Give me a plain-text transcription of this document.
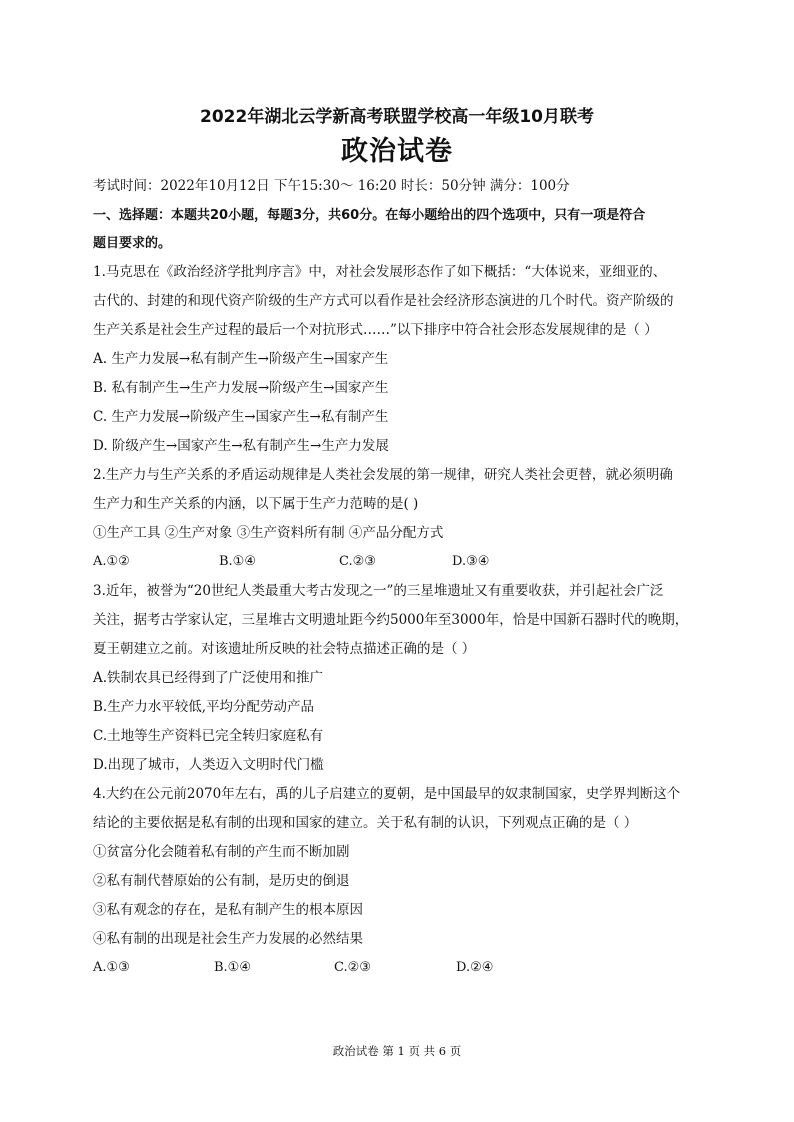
2022年湖北云学新高考联盟学校高一年级10月联考
政治试卷
考试时间：2022年10月12日 下午15:30～ 16:20 时长：50分钟 满分：100分
一、选择题：本题共20小题，每题3分，共60分。在每小题给出的四个选项中，只有一项是符合
题目要求的。
1.马克思在《政治经济学批判序言》中，对社会发展形态作了如下概括：“大体说来，亚细亚的、
古代的、封建的和现代资产阶级的生产方式可以看作是社会经济形态演进的几个时代。资产阶级的
生产关系是社会生产过程的最后一个对抗形式……”以下排序中符合社会形态发展规律的是（ ）
A. 生产力发展→私有制产生→阶级产生→国家产生
B. 私有制产生→生产力发展→阶级产生→国家产生
C. 生产力发展→阶级产生→国家产生→私有制产生
D. 阶级产生→国家产生→私有制产生→生产力发展
2.生产力与生产关系的矛盾运动规律是人类社会发展的第一规律，研究人类社会更替，就必须明确
生产力和生产关系的内涵，以下属于生产力范畴的是( )
①生产工具 ②生产对象 ③生产资料所有制 ④产品分配方式
A.①②	B.①④	C.②③	D.③④
3.近年，被誉为“20世纪人类最重大考古发现之一”的三星堆遗址又有重要收获，并引起社会广泛
关注，据考古学家认定，三星堆古文明遗址距今约5000年至3000年，恰是中国新石器时代的晚期，
夏王朝建立之前。对该遗址所反映的社会特点描述正确的是（ ）
A.铁制农具已经得到了广泛使用和推广
B.生产力水平较低,平均分配劳动产品
C.土地等生产资料已完全转归家庭私有
D.出现了城市，人类迈入文明时代门槛
4.大约在公元前2070年左右，禹的儿子启建立的夏朝，是中国最早的奴隶制国家，史学界判断这个
结论的主要依据是私有制的出现和国家的建立。关于私有制的认识，下列观点正确的是（ ）
①贫富分化会随着私有制的产生而不断加剧
②私有制代替原始的公有制，是历史的倒退
③私有观念的存在，是私有制产生的根本原因
④私有制的出现是社会生产力发展的必然结果
A.①③	B.①④	C.②③	D.②④
政治试卷 第 1 页 共 6 页
